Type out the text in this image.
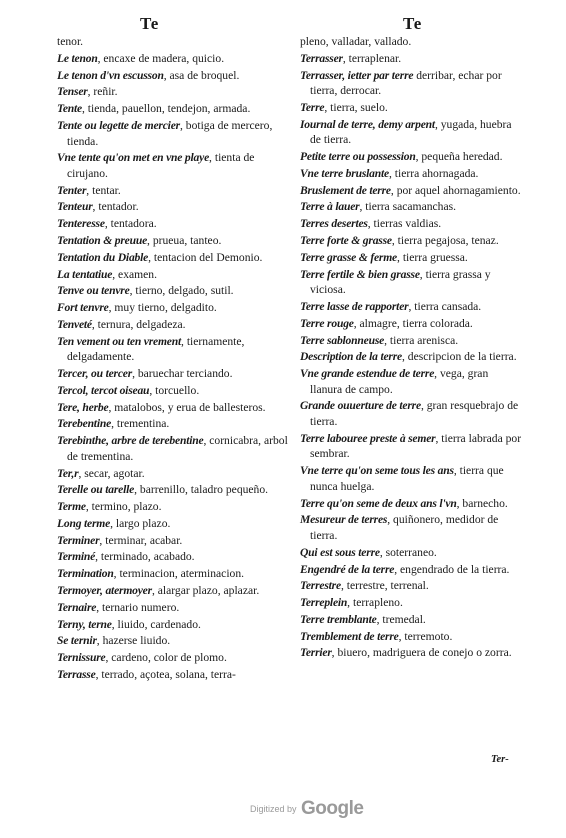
Te	Te
tenor.
Le tenon, encaxe de madera, quicio.
Le tenon d'vn escusson, asa de broquel.
Tenser, reñir.
Tente, tienda, pauellon, tendejon, armada.
Tente ou legette de mercier, botiga de mercero, tienda.
Vne tente qu'on met en vne playe, tienta de cirujano.
Tenter, tentar.
Tenteur, tentador.
Tenteresse, tentadora.
Tentation & preuue, prueua, tanteo.
Tentation du Diable, tentacion del Demonio.
La tentatiue, examen.
Tenve ou tenvre, tierno, delgado, sutil.
Fort tenvre, muy tierno, delgadito.
Tenveté, ternura, delgadeza.
Ten vement ou ten vrement, tiernamente, delgadamente.
Tercer, ou tercer, baruechar terciando.
Tercol, tercot oiseau, torcuello.
Tere, herbe, matalobos, y erua de ballesteros.
Terebentine, trementina.
Terebinthe, arbre de terebentine, cornicabra, arbol de trementina.
Ter,r, secar, agotar.
Terelle ou tarelle, barrenillo, taladro pequeño.
Terme, termino, plazo.
Long terme, largo plazo.
Terminer, terminar, acabar.
Terminé, terminado, acabado.
Termination, terminacion, aterminacion.
Termoyer, atermoyer, alargar plazo, aplazar.
Ternaire, ternario numero.
Terny, terne, liuido, cardenado.
Se ternir, hazerse liuido.
Ternissure, cardeno, color de plomo.
Terrasse, terrado, açotea, solana, terra-
pleno, valladar, vallado.
Terrasser, terraplenar.
Terrasser, ietter par terre derribar, echar por tierra, derrocar.
Terre, tierra, suelo.
Iournal de terre, demy arpent, yugada, huebra de tierra.
Petite terre ou possession, pequeña heredad.
Vne terre bruslante, tierra ahornagada.
Bruslement de terre, por aquel ahornagamiento.
Terre à lauer, tierra sacamanchas.
Terres desertes, tierras valdias.
Terre forte & grasse, tierra pegajosa, tenaz.
Terre grasse & ferme, tierra gruessa.
Terre fertile & bien grasse, tierra grassa y viciosa.
Terre lasse de rapporter, tierra cansada.
Terre rouge, almagre, tierra colorada.
Terre sablonneuse, tierra arenisca.
Description de la terre, descripcion de la tierra.
Vne grande estendue de terre, vega, gran llanura de campo.
Grande ouuerture de terre, gran resquebrajo de tierra.
Terre labouree preste à semer, tierra labrada por sembrar.
Vne terre qu'on seme tous les ans, tierra que nunca huelga.
Terre qu'on seme de deux ans l'vn, barnecho.
Mesureur de terres, quiñonero, medidor de tierra.
Qui est sous terre, soterraneo.
Engendré de la terre, engendrado de la tierra.
Terrestre, terrestre, terrenal.
Terreplein, terrapleno.
Terre tremblante, tremedal.
Tremblement de terre, terremoto.
Terrier, biuero, madriguera de conejo o zorra.
Ter-
Digitized by Google
